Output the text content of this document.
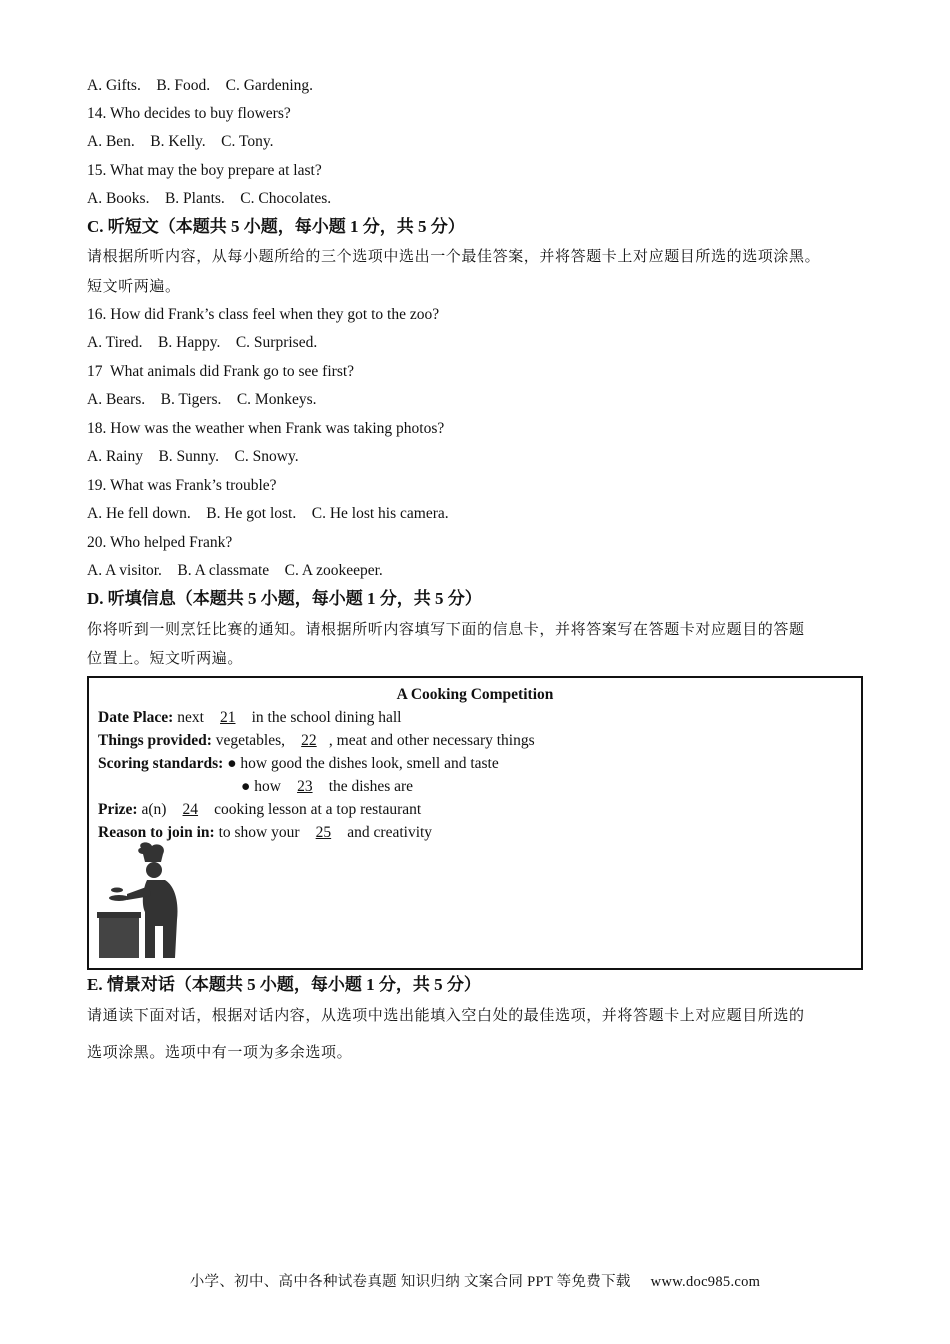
A. Gifts.    B. Food.    C. Gardening.
14. Who decides to buy flowers?
A. Ben.    B. Kelly.    C. Tony.
15. What may the boy prepare at last?
A. Books.    B. Plants.    C. Chocolates.
C. 听短文（本题共 5 小题，每小题 1 分，共 5 分）
请根据所听内容，从每小题所给的三个选项中选出一个最佳答案，并将答题卡上对应题目所选的选项涂黑。
短文听两遍。
16. How did Frank’s class feel when they got to the zoo?
A. Tired.    B. Happy.    C. Surprised.
17  What animals did Frank go to see first?
A. Bears.    B. Tigers.    C. Monkeys.
18. How was the weather when Frank was taking photos?
A. Rainy    B. Sunny.    C. Snowy.
19. What was Frank’s trouble?
A. He fell down.    B. He got lost.    C. He lost his camera.
20. Who helped Frank?
A. A visitor.    B. A classmate    C. A zookeeper.
D. 听填信息（本题共 5 小题，每小题 1 分，共 5 分）
你将听到一则烹饪比赛的通知。请根据所听内容填写下面的信息卡，并将答案写在答题卡对应题目的答题
位置上。短文听两遍。
A Cooking Competition
Date Place: next 21 in the school dining hall
Things provided: vegetables, 22 , meat and other necessary things
Scoring standards: ● how good the dishes look, smell and taste
● how 23 the dishes are
Prize: a(n) 24 cooking lesson at a top restaurant
Reason to join in: to show your 25 and creativity
E. 情景对话（本题共 5 小题，每小题 1 分，共 5 分）
请通读下面对话，根据对话内容，从选项中选出能填入空白处的最佳选项，并将答题卡上对应题目所选的
选项涂黑。选项中有一项为多余选项。
小学、初中、高中各种试卷真题 知识归纳 文案合同 PPT 等免费下载 www.doc985.com
